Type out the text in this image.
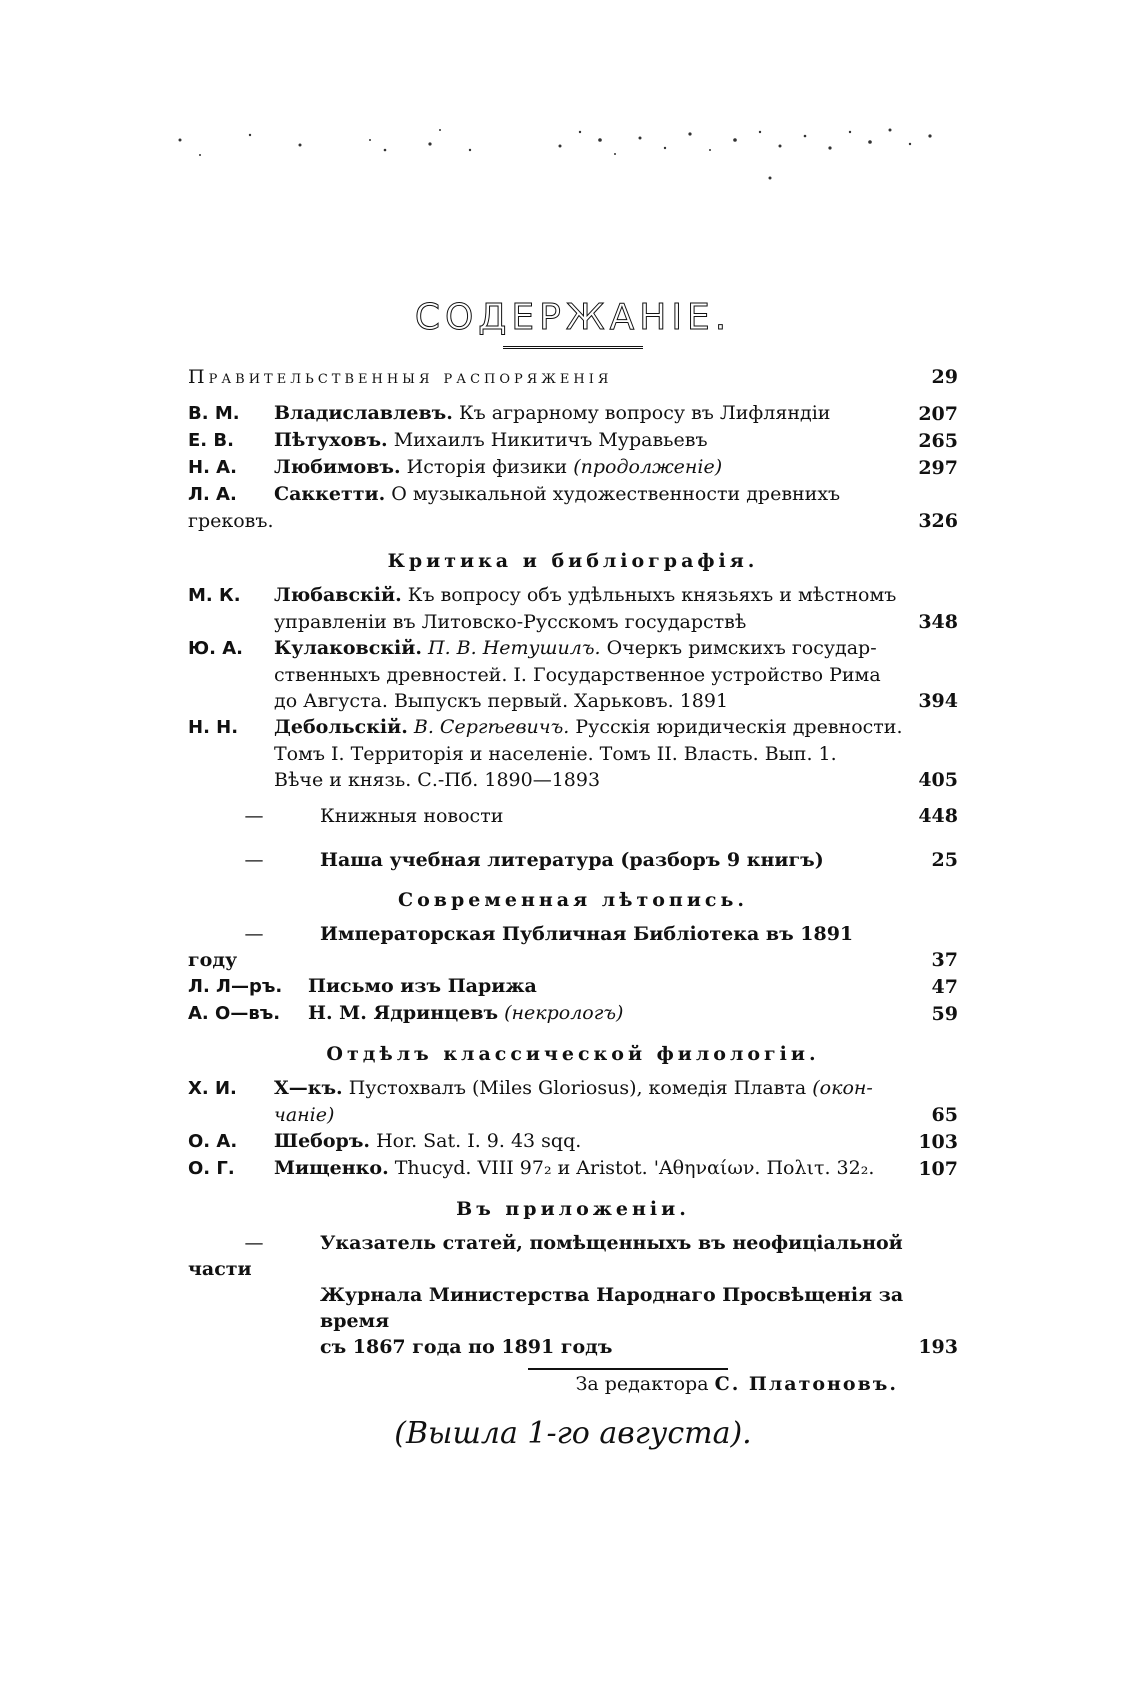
СОДЕРЖАНІЕ.
Правительственныя распоряженія	29
В. М. Владиславлевъ. Къ аграрному вопросу въ Лифляндіи	207
Е. В. Пѣтуховъ. Михаилъ Никитичъ Муравьевъ	265
Н. А. Любимовъ. Исторія физики (продолженіе)	297
Л. А. Саккетти. О музыкальной художественности древнихъ грековъ.	326
Критика и библіографія.
М. К. Любавскій. Къ вопросу объ удѣльныхъ князьяхъ и мѣстномъ
управленіи въ Литовско-Русскомъ государствѣ	348
Ю. А. Кулаковскій. П. В. Нетушилъ. Очеркъ римскихъ государ-
ственныхъ древностей. I. Государственное устройство Рима
до Августа. Выпускъ первый. Харьковъ. 1891	394
Н. Н. Дебольскій. В. Сергѣевичъ. Русскія юридическія древности.
Томъ I. Территорія и населеніе. Томъ II. Власть. Вып. 1.
Вѣче и князь. С.-Пб. 1890—1893	405
—	Книжныя новости	448
—	Наша учебная литература (разборъ 9 книгъ)	25
Современная лѣтопись.
—	Императорская Публичная Библіотека въ 1891 году	37
Л. Л—ръ. Письмо изъ Парижа	47
А. О—въ. Н. М. Ядринцевъ (некрологъ)	59
Отдѣлъ классической филологіи.
Х. И. Х—къ. Пустохвалъ (Miles Gloriosus), комедія Плавта (окон-
чаніе)	65
О. А. Шеборъ. Hor. Sat. I. 9. 43 sqq.	103
О. Г. Мищенко. Thucyd. VIII 97₂ и Aristot. 'Αθηναίων. Πολιτ. 32₂.	107
Въ приложеніи.
—	Указатель статей, помѣщенныхъ въ неофиціальной части
Журнала Министерства Народнаго Просвѣщенія за время
съ 1867 года по 1891 годъ	193
За редактора С. Платоновъ.
(Вышла 1-го августа).
